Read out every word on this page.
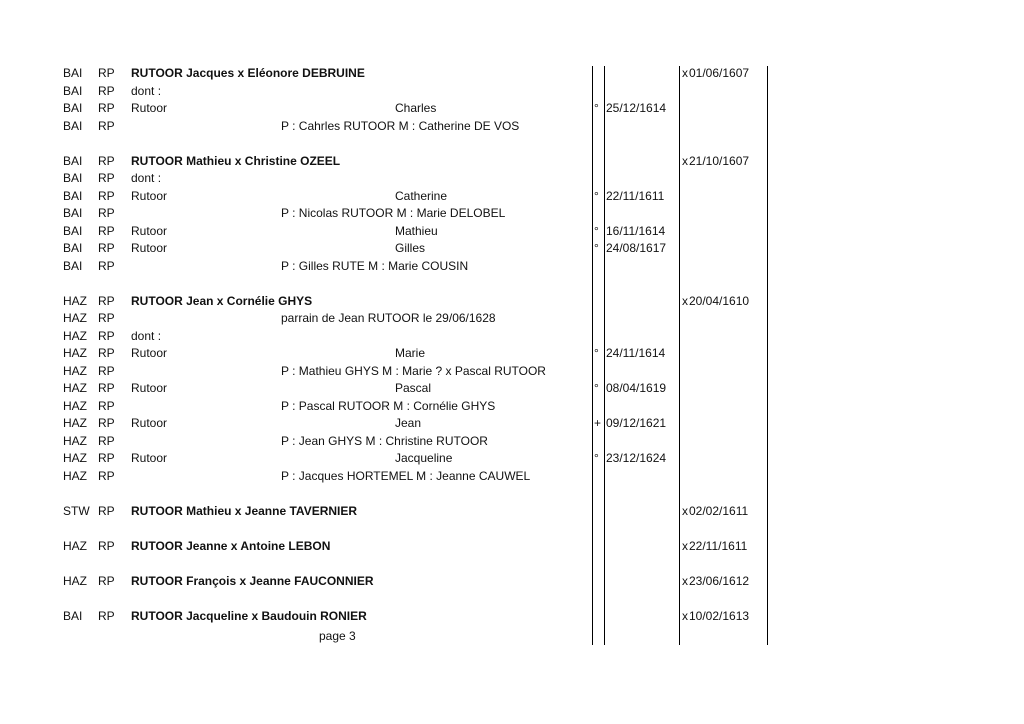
BAI RP RUTOOR Jacques x Eléonore DEBRUINE	x 01/06/1607
BAI RP dont :
BAI RP Rutoor	Charles	° 25/12/1614
BAI RP	P : Cahrles RUTOOR M : Catherine DE VOS
BAI RP RUTOOR Mathieu x Christine OZEEL	x 21/10/1607
BAI RP dont :
BAI RP Rutoor	Catherine	° 22/11/1611
BAI RP	P : Nicolas RUTOOR M : Marie DELOBEL
BAI RP Rutoor	Mathieu	° 16/11/1614
BAI RP Rutoor	Gilles	° 24/08/1617
BAI RP	P : Gilles RUTE M : Marie COUSIN
HAZ RP RUTOOR Jean x Cornélie GHYS	x 20/04/1610
HAZ RP	parrain de Jean RUTOOR le 29/06/1628
HAZ RP dont :
HAZ RP Rutoor	Marie	° 24/11/1614
HAZ RP	P : Mathieu GHYS M : Marie ? x Pascal RUTOOR
HAZ RP Rutoor	Pascal	° 08/04/1619
HAZ RP	P : Pascal RUTOOR M : Cornélie GHYS
HAZ RP Rutoor	Jean	+ 09/12/1621
HAZ RP	P : Jean GHYS M : Christine RUTOOR
HAZ RP Rutoor	Jacqueline	° 23/12/1624
HAZ RP	P : Jacques HORTEMEL M : Jeanne CAUWEL
STW RP RUTOOR Mathieu x Jeanne TAVERNIER	x 02/02/1611
HAZ RP RUTOOR Jeanne x Antoine LEBON	x 22/11/1611
HAZ RP RUTOOR François x Jeanne FAUCONNIER	x 23/06/1612
BAI RP RUTOOR Jacqueline x Baudouin RONIER	x 10/02/1613
page 3
